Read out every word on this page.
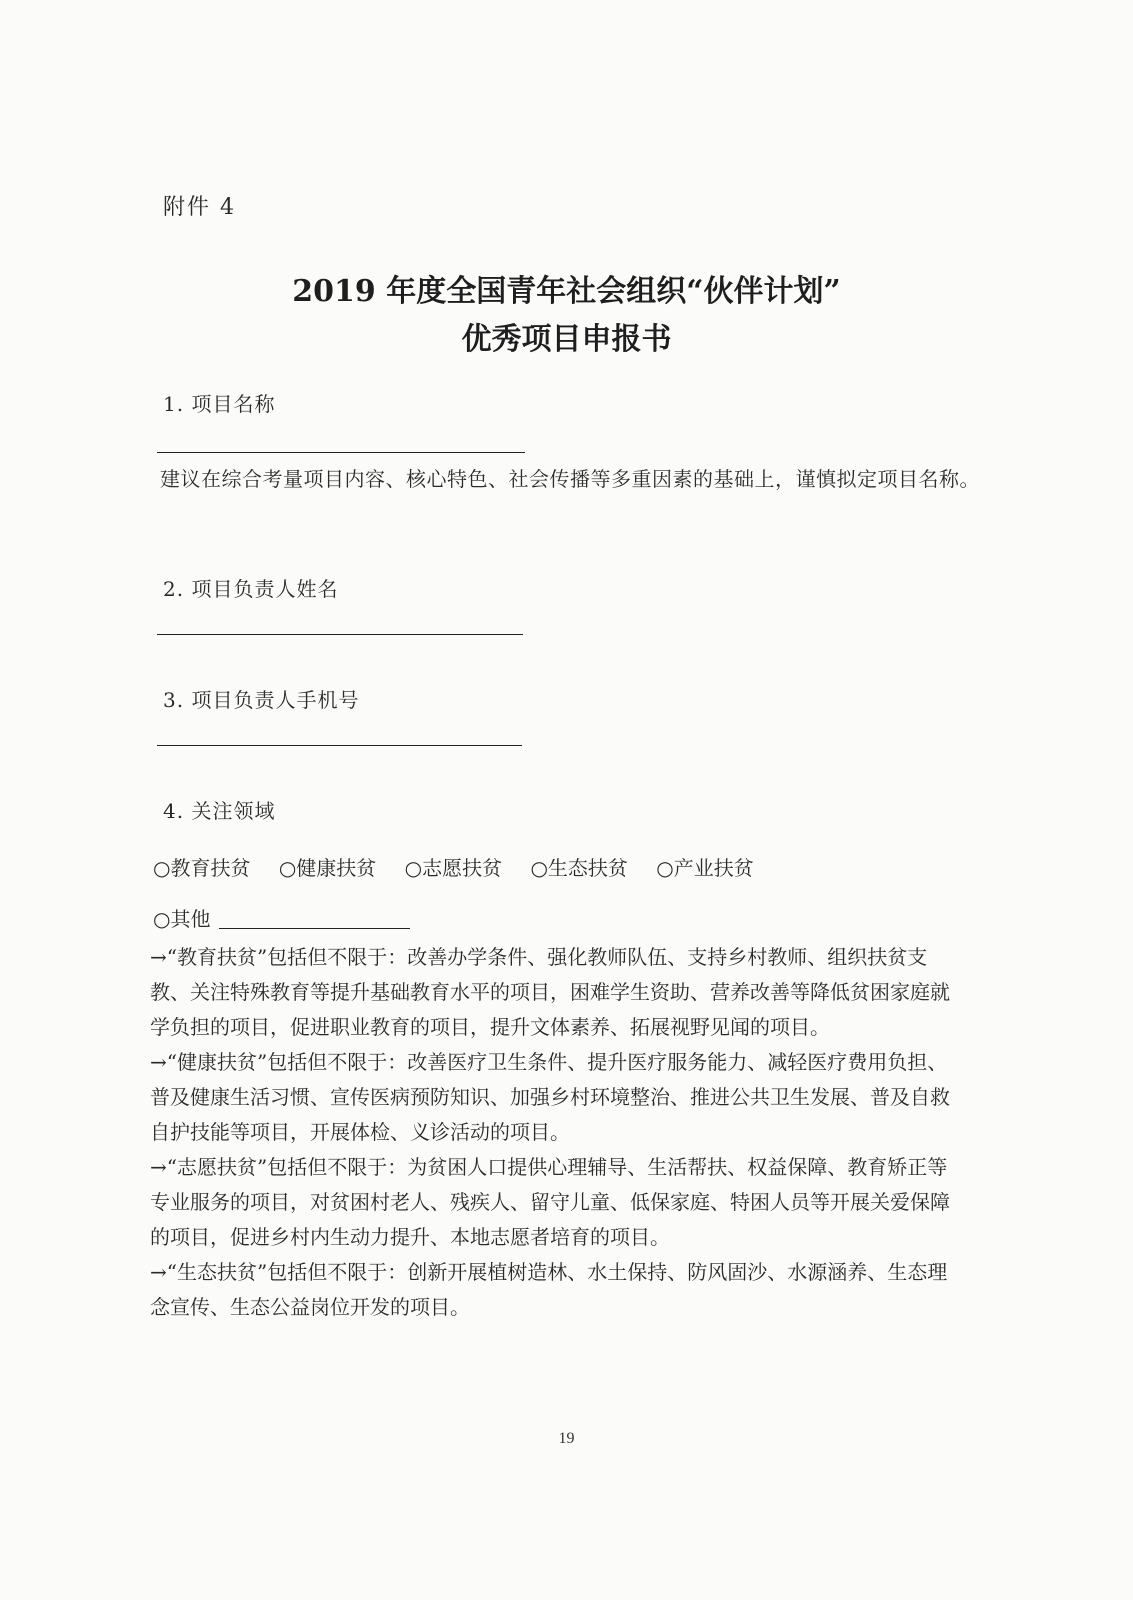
附件 4
2019 年度全国青年社会组织“伙伴计划”
优秀项目申报书
1. 项目名称
建议在综合考量项目内容、核心特色、社会传播等多重因素的基础上，谨慎拟定项目名称。
2. 项目负责人姓名
3. 项目负责人手机号
4. 关注领域
○教育扶贫 ○健康扶贫 ○志愿扶贫 ○生态扶贫 ○产业扶贫
○其他

→“教育扶贫”包括但不限于：改善办学条件、强化教师队伍、支持乡村教师、组织扶贫支教、关注特殊教育等提升基础教育水平的项目，困难学生资助、营养改善等降低贫困家庭就学负担的项目，促进职业教育的项目，提升文体素养、拓展视野见闻的项目。

→“健康扶贫”包括但不限于：改善医疗卫生条件、提升医疗服务能力、减轻医疗费用负担、普及健康生活习惯、宣传医病预防知识、加强乡村环境整治、推进公共卫生发展、普及自救自护技能等项目，开展体检、义诊活动的项目。

→“志愿扶贫”包括但不限于：为贫困人口提供心理辅导、生活帮扶、权益保障、教育矫正等专业服务的项目，对贫困村老人、残疾人、留守儿童、低保家庭、特困人员等开展关爱保障的项目，促进乡村内生动力提升、本地志愿者培育的项目。

→“生态扶贫”包括但不限于：创新开展植树造林、水土保持、防风固沙、水源涵养、生态理念宣传、生态公益岗位开发的项目。

19
